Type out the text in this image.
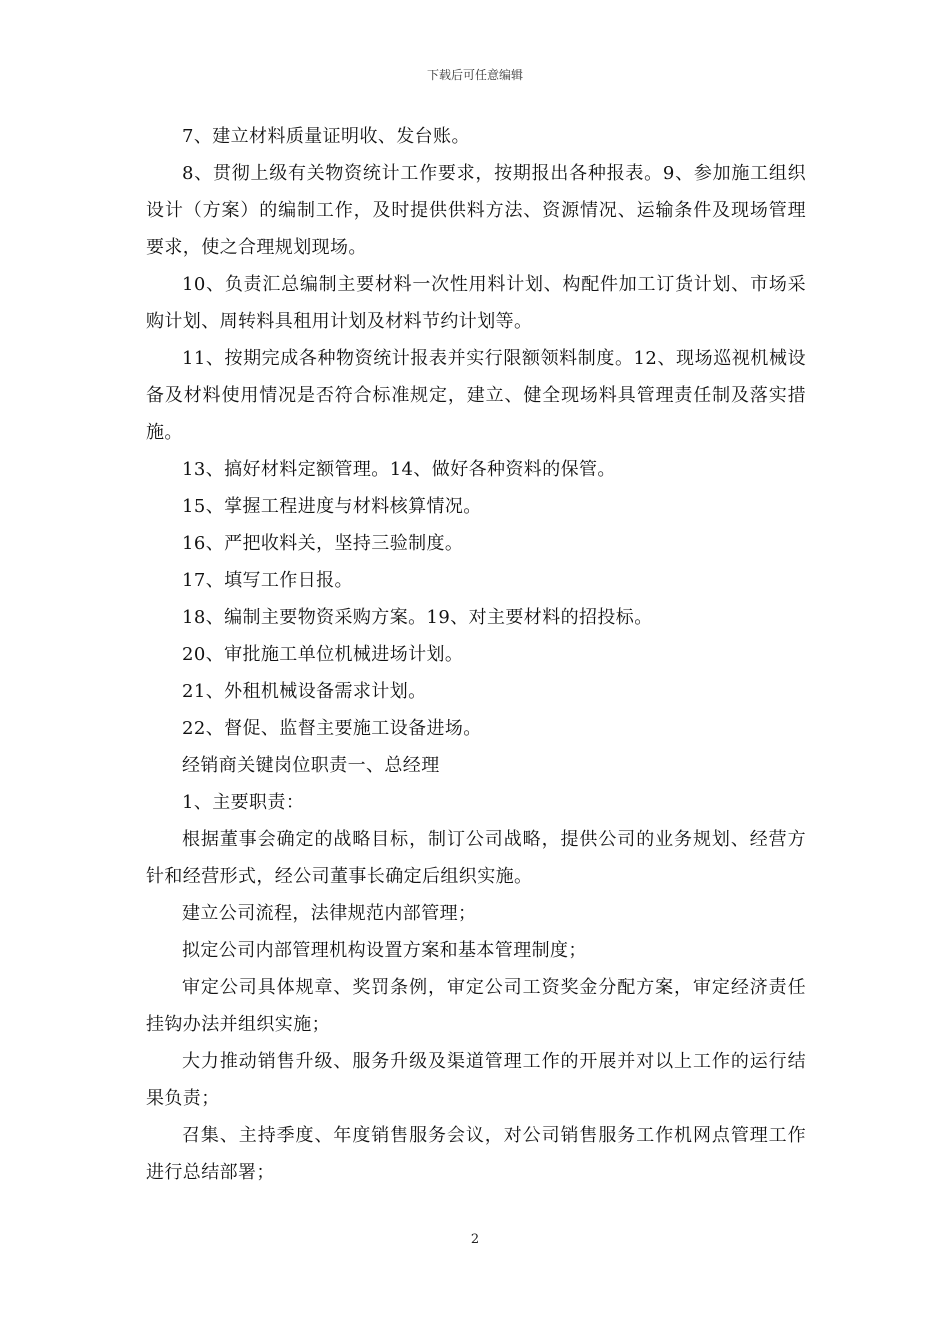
下载后可任意编辑

7、建立材料质量证明收、发台账。

8、贯彻上级有关物资统计工作要求，按期报出各种报表。9、参加施工组织设计（方案）的编制工作，及时提供供料方法、资源情况、运输条件及现场管理要求，使之合理规划现场。

10、负责汇总编制主要材料一次性用料计划、构配件加工订货计划、市场采购计划、周转料具租用计划及材料节约计划等。

11、按期完成各种物资统计报表并实行限额领料制度。12、现场巡视机械设备及材料使用情况是否符合标准规定，建立、健全现场料具管理责任制及落实措施。

13、搞好材料定额管理。14、做好各种资料的保管。

15、掌握工程进度与材料核算情况。

16、严把收料关，坚持三验制度。

17、填写工作日报。

18、编制主要物资采购方案。19、对主要材料的招投标。

20、审批施工单位机械进场计划。

21、外租机械设备需求计划。

22、督促、监督主要施工设备进场。

经销商关键岗位职责一、总经理

1、主要职责：

根据董事会确定的战略目标，制订公司战略，提供公司的业务规划、经营方针和经营形式，经公司董事长确定后组织实施。

建立公司流程，法律规范内部管理；

拟定公司内部管理机构设置方案和基本管理制度；

审定公司具体规章、奖罚条例，审定公司工资奖金分配方案，审定经济责任挂钩办法并组织实施；

大力推动销售升级、服务升级及渠道管理工作的开展并对以上工作的运行结果负责；

召集、主持季度、年度销售服务会议，对公司销售服务工作机网点管理工作进行总结部署；

2
